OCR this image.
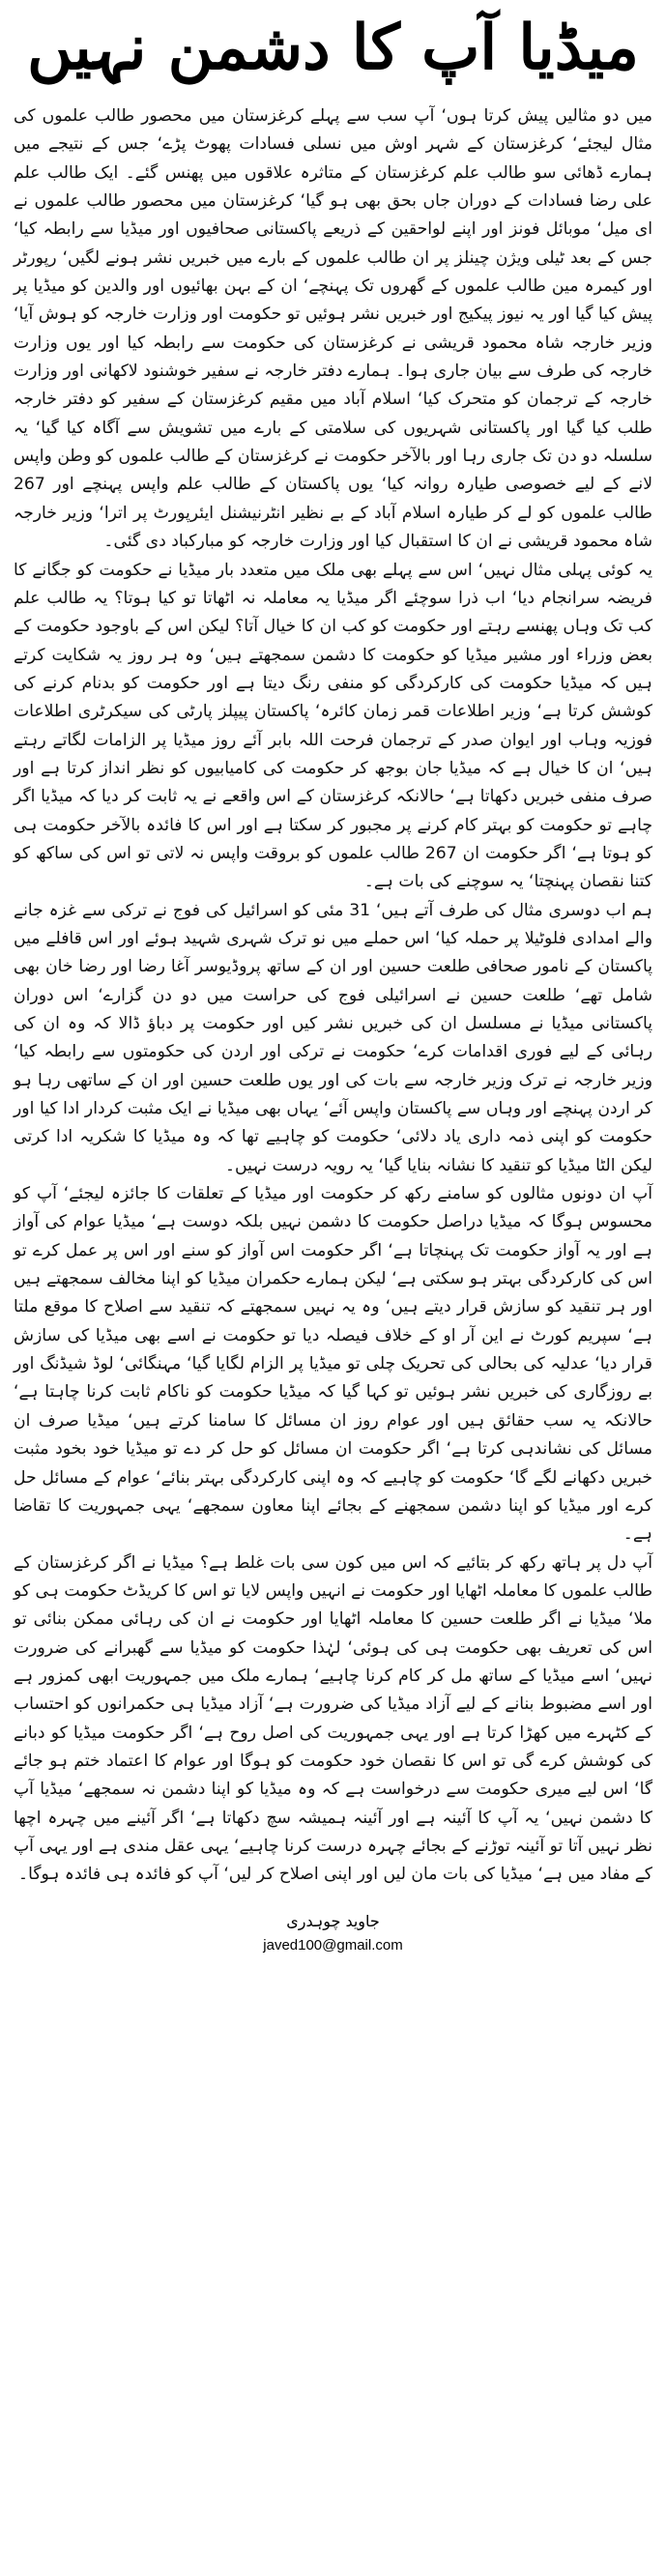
میڈیا آپ کا دشمن نہیں

میں دو مثالیں پیش کرتا ہوں‘ آپ سب سے پہلے کرغزستان میں محصور طالب علموں کی مثال لیجئے‘ کرغزستان کے شہر اوش میں نسلی فسادات پھوٹ پڑے‘ جس کے نتیجے میں ہمارے ڈھائی سو طالب علم کرغزستان کے متاثرہ علاقوں میں پھنس گئے۔ ایک طالب علم علی رضا فسادات کے دوران جاں بحق بھی ہو گیا‘ کرغزستان میں محصور طالب علموں نے ای میل‘ موبائل فونز اور اپنے لواحقین کے ذریعے پاکستانی صحافیوں اور میڈیا سے رابطہ کیا‘ جس کے بعد ٹیلی ویژن چینلز پر ان طالب علموں کے بارے میں خبریں نشر ہونے لگیں‘ رپورٹر اور کیمرہ مین طالب علموں کے گھروں تک پہنچے‘ ان کے بہن بھائیوں اور والدین کو میڈیا پر پیش کیا گیا اور یہ نیوز پیکیج اور خبریں نشر ہوئیں تو حکومت اور وزارت خارجہ کو ہوش آیا‘ وزیر خارجہ شاہ محمود قریشی نے کرغزستان کی حکومت سے رابطہ کیا اور یوں وزارت خارجہ کی طرف سے بیان جاری ہوا۔ ہمارے دفتر خارجہ نے سفیر خوشنود لاکھانی اور وزارت خارجہ کے ترجمان کو متحرک کیا‘ اسلام آباد میں مقیم کرغزستان کے سفیر کو دفتر خارجہ طلب کیا گیا اور پاکستانی شہریوں کی سلامتی کے بارے میں تشویش سے آگاہ کیا گیا‘ یہ سلسلہ دو دن تک جاری رہا اور بالآخر حکومت نے کرغزستان کے طالب علموں کو وطن واپس لانے کے لیے خصوصی طیارہ روانہ کیا‘ یوں پاکستان کے طالب علم واپس پہنچے اور 267 طالب علموں کو لے کر طیارہ اسلام آباد کے بے نظیر انٹرنیشنل ایئرپورٹ پر اترا‘ وزیر خارجہ شاہ محمود قریشی نے ان کا استقبال کیا اور وزارت خارجہ کو مبارکباد دی گئی۔

یہ کوئی پہلی مثال نہیں‘ اس سے پہلے بھی ملک میں متعدد بار میڈیا نے حکومت کو جگانے کا فریضہ سرانجام دیا‘ اب ذرا سوچئے اگر میڈیا یہ معاملہ نہ اٹھاتا تو کیا ہوتا؟ یہ طالب علم کب تک وہاں پھنسے رہتے اور حکومت کو کب ان کا خیال آتا؟ لیکن اس کے باوجود حکومت کے بعض وزراء اور مشیر میڈیا کو حکومت کا دشمن سمجھتے ہیں‘ وہ ہر روز یہ شکایت کرتے ہیں کہ میڈیا حکومت کی کارکردگی کو منفی رنگ دیتا ہے اور حکومت کو بدنام کرنے کی کوشش کرتا ہے‘ وزیر اطلاعات قمر زمان کائرہ‘ پاکستان پیپلز پارٹی کی سیکرٹری اطلاعات فوزیہ وہاب اور ایوان صدر کے ترجمان فرحت اللہ بابر آئے روز میڈیا پر الزامات لگاتے رہتے ہیں‘ ان کا خیال ہے کہ میڈیا جان بوجھ کر حکومت کی کامیابیوں کو نظر انداز کرتا ہے اور صرف منفی خبریں دکھاتا ہے‘ حالانکہ کرغزستان کے اس واقعے نے یہ ثابت کر دیا کہ میڈیا اگر چاہے تو حکومت کو بہتر کام کرنے پر مجبور کر سکتا ہے اور اس کا فائدہ بالآخر حکومت ہی کو ہوتا ہے‘ اگر حکومت ان 267 طالب علموں کو بروقت واپس نہ لاتی تو اس کی ساکھ کو کتنا نقصان پہنچتا‘ یہ سوچنے کی بات ہے۔

ہم اب دوسری مثال کی طرف آتے ہیں‘ 31 مئی کو اسرائیل کی فوج نے ترکی سے غزہ جانے والے امدادی فلوٹیلا پر حملہ کیا‘ اس حملے میں نو ترک شہری شہید ہوئے اور اس قافلے میں پاکستان کے نامور صحافی طلعت حسین اور ان کے ساتھ پروڈیوسر آغا رضا اور رضا خان بھی شامل تھے‘ طلعت حسین نے اسرائیلی فوج کی حراست میں دو دن گزارے‘ اس دوران پاکستانی میڈیا نے مسلسل ان کی خبریں نشر کیں اور حکومت پر دباؤ ڈالا کہ وہ ان کی رہائی کے لیے فوری اقدامات کرے‘ حکومت نے ترکی اور اردن کی حکومتوں سے رابطہ کیا‘ وزیر خارجہ نے ترک وزیر خارجہ سے بات کی اور یوں طلعت حسین اور ان کے ساتھی رہا ہو کر اردن پہنچے اور وہاں سے پاکستان واپس آئے‘ یہاں بھی میڈیا نے ایک مثبت کردار ادا کیا اور حکومت کو اپنی ذمہ داری یاد دلائی‘ حکومت کو چاہیے تھا کہ وہ میڈیا کا شکریہ ادا کرتی لیکن الٹا میڈیا کو تنقید کا نشانہ بنایا گیا‘ یہ رویہ درست نہیں۔

آپ ان دونوں مثالوں کو سامنے رکھ کر حکومت اور میڈیا کے تعلقات کا جائزہ لیجئے‘ آپ کو محسوس ہوگا کہ میڈیا دراصل حکومت کا دشمن نہیں بلکہ دوست ہے‘ میڈیا عوام کی آواز ہے اور یہ آواز حکومت تک پہنچاتا ہے‘ اگر حکومت اس آواز کو سنے اور اس پر عمل کرے تو اس کی کارکردگی بہتر ہو سکتی ہے‘ لیکن ہمارے حکمران میڈیا کو اپنا مخالف سمجھتے ہیں اور ہر تنقید کو سازش قرار دیتے ہیں‘ وہ یہ نہیں سمجھتے کہ تنقید سے اصلاح کا موقع ملتا ہے‘ سپریم کورٹ نے این آر او کے خلاف فیصلہ دیا تو حکومت نے اسے بھی میڈیا کی سازش قرار دیا‘ عدلیہ کی بحالی کی تحریک چلی تو میڈیا پر الزام لگایا گیا‘ مہنگائی‘ لوڈ شیڈنگ اور بے روزگاری کی خبریں نشر ہوئیں تو کہا گیا کہ میڈیا حکومت کو ناکام ثابت کرنا چاہتا ہے‘ حالانکہ یہ سب حقائق ہیں اور عوام روز ان مسائل کا سامنا کرتے ہیں‘ میڈیا صرف ان مسائل کی نشاندہی کرتا ہے‘ اگر حکومت ان مسائل کو حل کر دے تو میڈیا خود بخود مثبت خبریں دکھانے لگے گا‘ حکومت کو چاہیے کہ وہ اپنی کارکردگی بہتر بنائے‘ عوام کے مسائل حل کرے اور میڈیا کو اپنا دشمن سمجھنے کے بجائے اپنا معاون سمجھے‘ یہی جمہوریت کا تقاضا ہے۔

آپ دل پر ہاتھ رکھ کر بتائیے کہ اس میں کون سی بات غلط ہے؟ میڈیا نے اگر کرغزستان کے طالب علموں کا معاملہ اٹھایا اور حکومت نے انہیں واپس لایا تو اس کا کریڈٹ حکومت ہی کو ملا‘ میڈیا نے اگر طلعت حسین کا معاملہ اٹھایا اور حکومت نے ان کی رہائی ممکن بنائی تو اس کی تعریف بھی حکومت ہی کی ہوئی‘ لہٰذا حکومت کو میڈیا سے گھبرانے کی ضرورت نہیں‘ اسے میڈیا کے ساتھ مل کر کام کرنا چاہیے‘ ہمارے ملک میں جمہوریت ابھی کمزور ہے اور اسے مضبوط بنانے کے لیے آزاد میڈیا کی ضرورت ہے‘ آزاد میڈیا ہی حکمرانوں کو احتساب کے کٹہرے میں کھڑا کرتا ہے اور یہی جمہوریت کی اصل روح ہے‘ اگر حکومت میڈیا کو دبانے کی کوشش کرے گی تو اس کا نقصان خود حکومت کو ہوگا اور عوام کا اعتماد ختم ہو جائے گا‘ اس لیے میری حکومت سے درخواست ہے کہ وہ میڈیا کو اپنا دشمن نہ سمجھے‘ میڈیا آپ کا دشمن نہیں‘ یہ آپ کا آئینہ ہے اور آئینہ ہمیشہ سچ دکھاتا ہے‘ اگر آئینے میں چہرہ اچھا نظر نہیں آتا تو آئینہ توڑنے کے بجائے چہرہ درست کرنا چاہیے‘ یہی عقل مندی ہے اور یہی آپ کے مفاد میں ہے‘ میڈیا کی بات مان لیں اور اپنی اصلاح کر لیں‘ آپ کو فائدہ ہی فائدہ ہوگا۔

جاوید چوہدری
javed100@gmail.com
